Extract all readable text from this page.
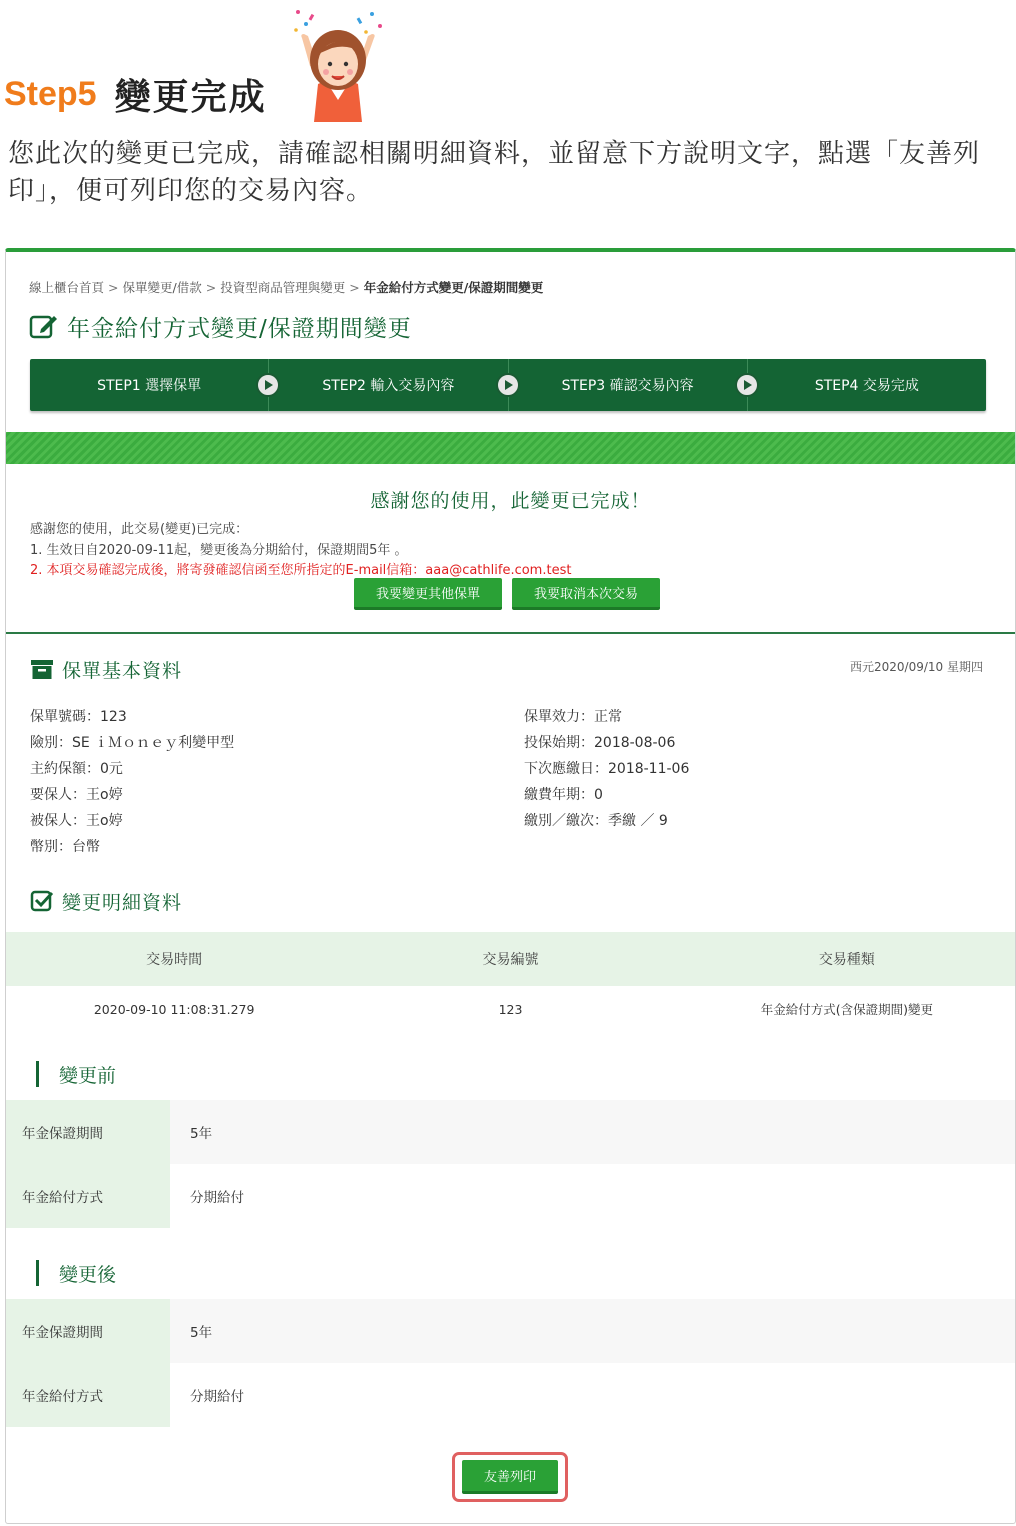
Step5 變更完成

您此次的變更已完成，請確認相關明細資料，並留意下方說明文字，點選「友善列印」，便可列印您的交易內容。

線上櫃台首頁 > 保單變更/借款 > 投資型商品管理與變更 > 年金給付方式變更/保證期間變更
年金給付方式變更/保證期間變更
STEP1 選擇保單	STEP2 輸入交易內容	STEP3 確認交易內容	STEP4 交易完成
感謝您的使用，此變更已完成！
感謝您的使用，此交易(變更)已完成：
1. 生效日自2020-09-11起，變更後為分期給付，保證期間5年 。
2. 本項交易確認完成後，將寄發確認信函至您所指定的E-mail信箱：aaa@cathlife.com.test
我要變更其他保單	我要取消本次交易
保單基本資料	西元2020/09/10 星期四
保單號碼：123
險別：SE ｉＭｏｎｅｙ利變甲型
主約保額：0元
要保人：王o婷
被保人：王o婷
幣別：台幣
保單效力：正常
投保始期：2018-08-06
下次應繳日：2018-11-06
繳費年期：0
繳別／繳次：季繳 ／ 9
變更明細資料
交易時間	交易編號	交易種類
2020-09-10 11:08:31.279	123	年金給付方式(含保證期間)變更
變更前
年金保證期間	5年
年金給付方式	分期給付
變更後
年金保證期間	5年
年金給付方式	分期給付
友善列印
